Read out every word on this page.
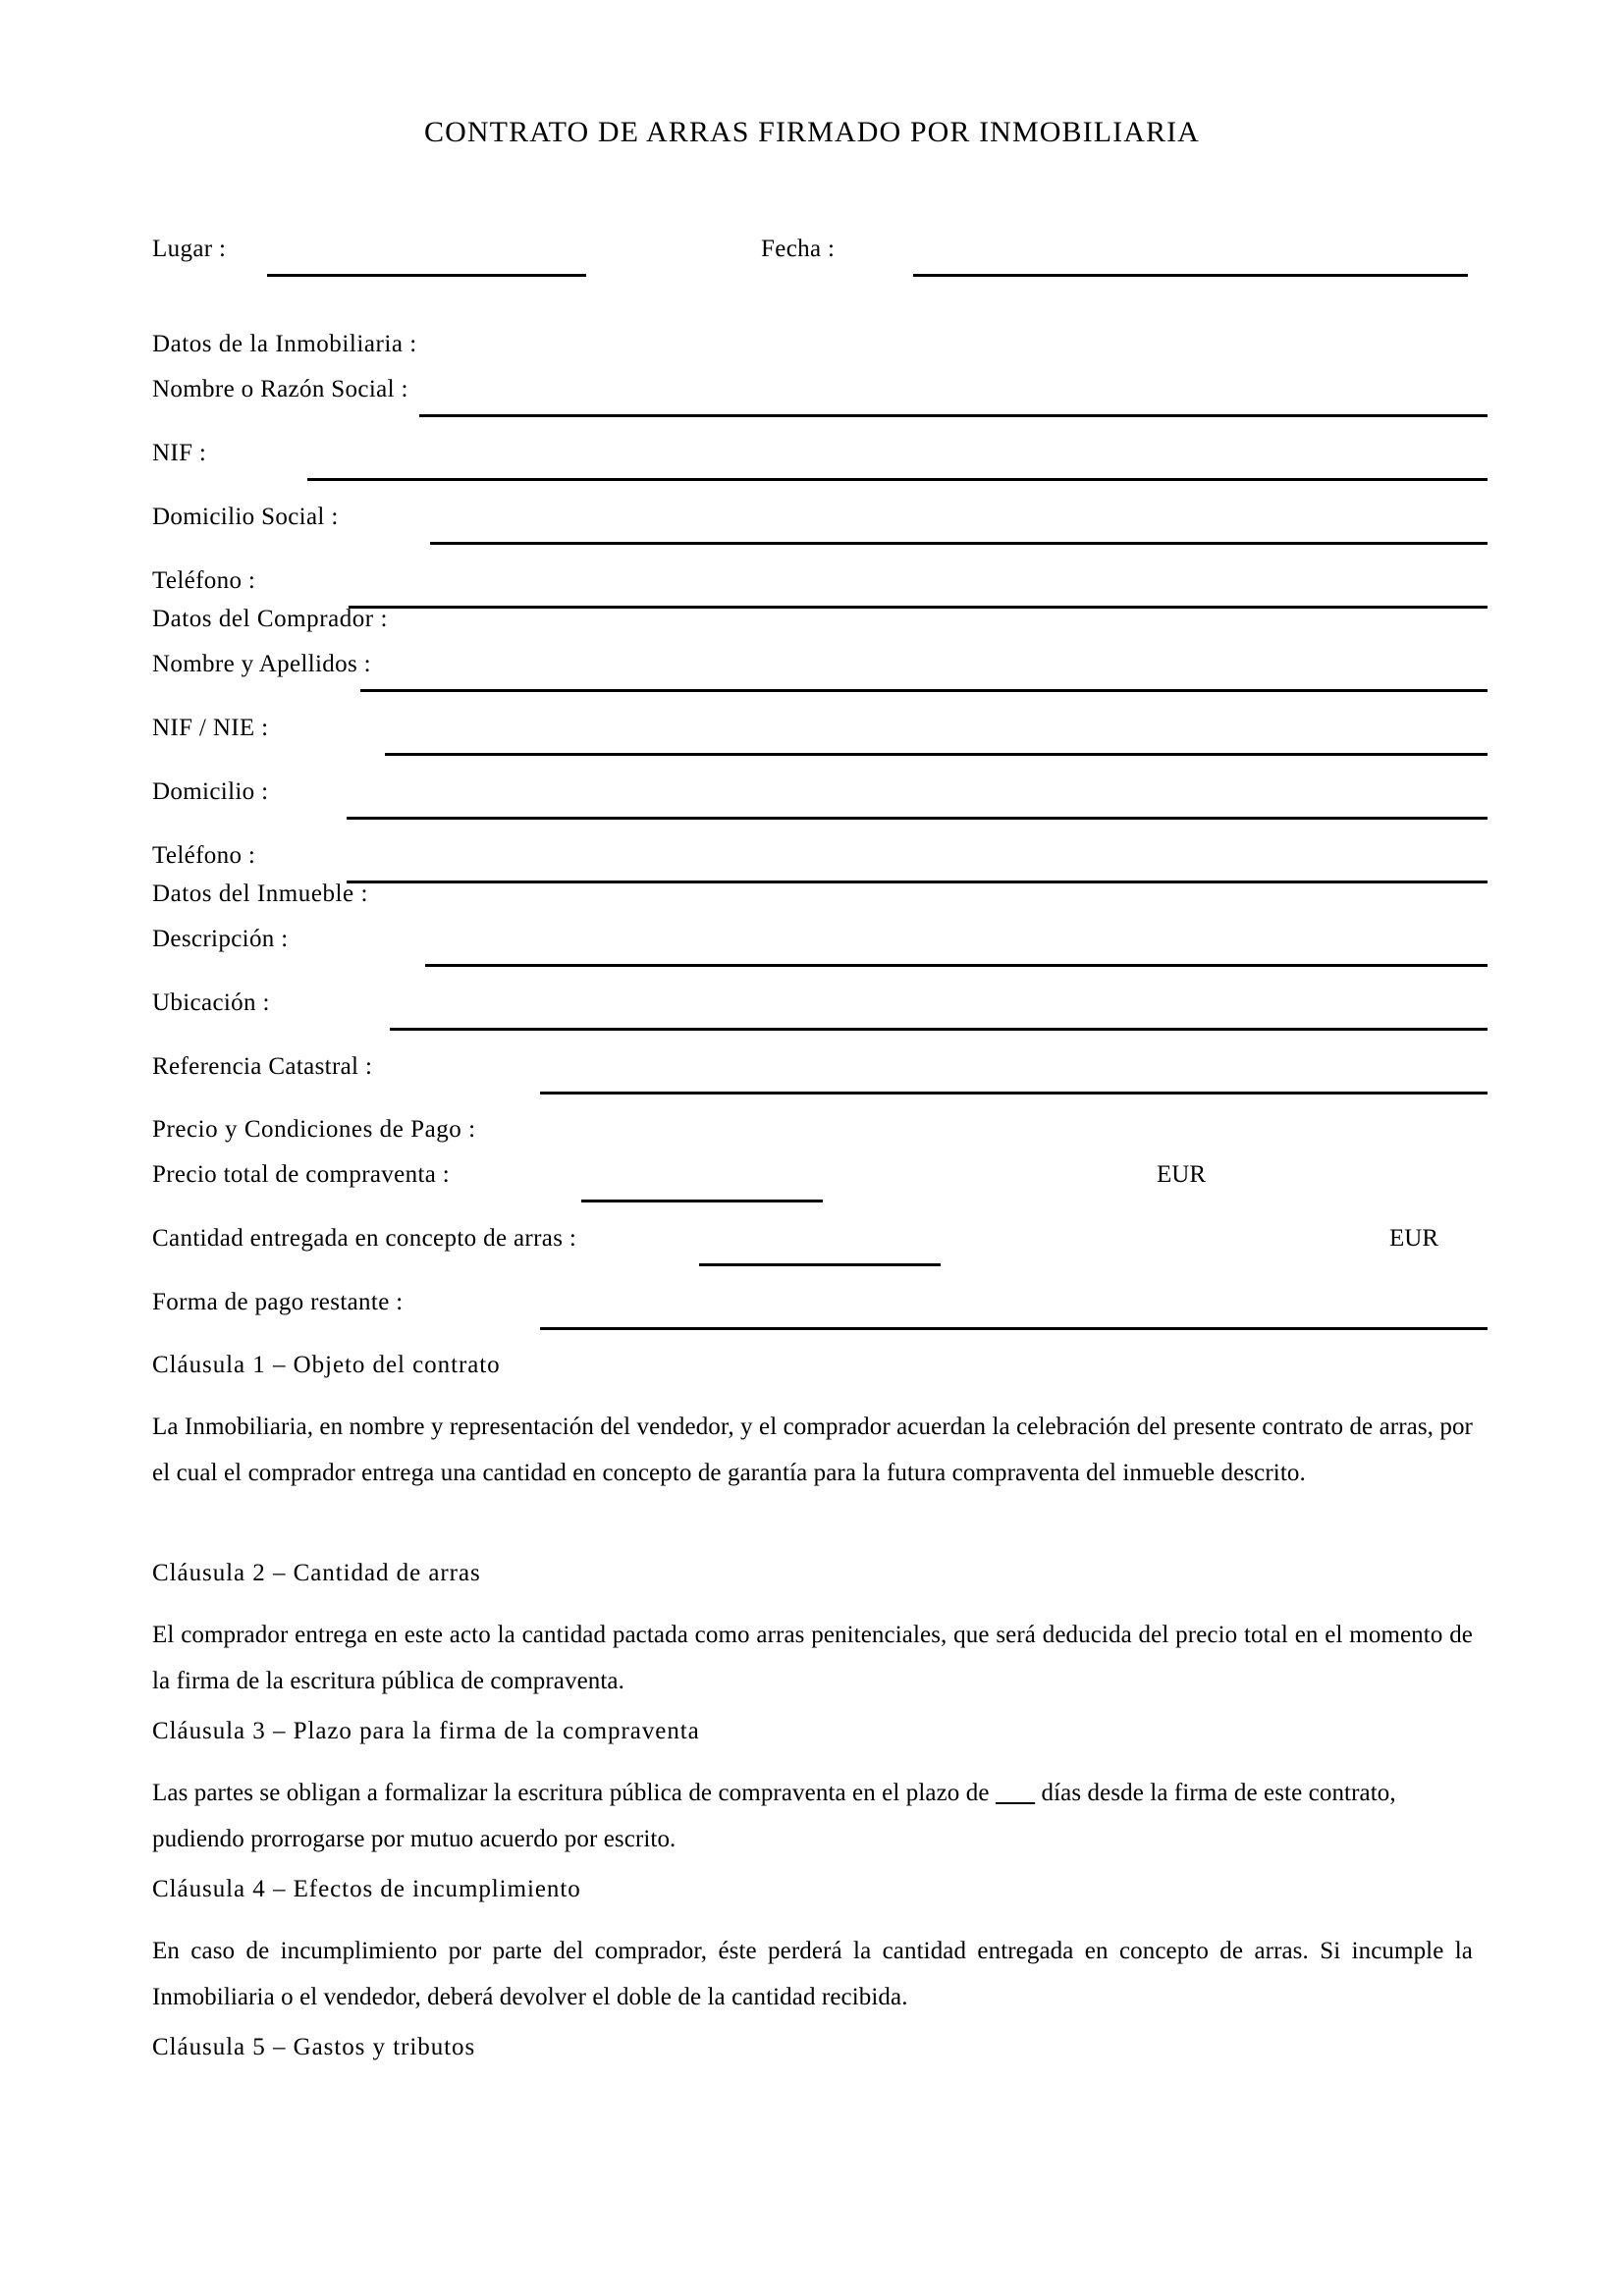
CONTRATO DE ARRAS FIRMADO POR INMOBILIARIA
Lugar :	Fecha :
Datos de la Inmobiliaria :
Nombre o Razón Social :
NIF :
Domicilio Social :
Teléfono :
Datos del Comprador :
Nombre y Apellidos :
NIF / NIE :
Domicilio :
Teléfono :
Datos del Inmueble :
Descripción :
Ubicación :
Referencia Catastral :
Precio y Condiciones de Pago :
Precio total de compraventa :	EUR
Cantidad entregada en concepto de arras :	EUR
Forma de pago restante :
Cláusula 1 – Objeto del contrato
La Inmobiliaria, en nombre y representación del vendedor, y el comprador acuerdan la celebración del presente contrato de arras, por el cual el comprador entrega una cantidad en concepto de garantía para la futura compraventa del inmueble descrito.
Cláusula 2 – Cantidad de arras
El comprador entrega en este acto la cantidad pactada como arras penitenciales, que será deducida del precio total en el momento de la firma de la escritura pública de compraventa.
Cláusula 3 – Plazo para la firma de la compraventa
Las partes se obligan a formalizar la escritura pública de compraventa en el plazo de         días desde la firma de este contrato, pudiendo prorrogarse por mutuo acuerdo por escrito.
Cláusula 4 – Efectos de incumplimiento
En caso de incumplimiento por parte del comprador, éste perderá la cantidad entregada en concepto de arras. Si incumple la Inmobiliaria o el vendedor, deberá devolver el doble de la cantidad recibida.
Cláusula 5 – Gastos y tributos
